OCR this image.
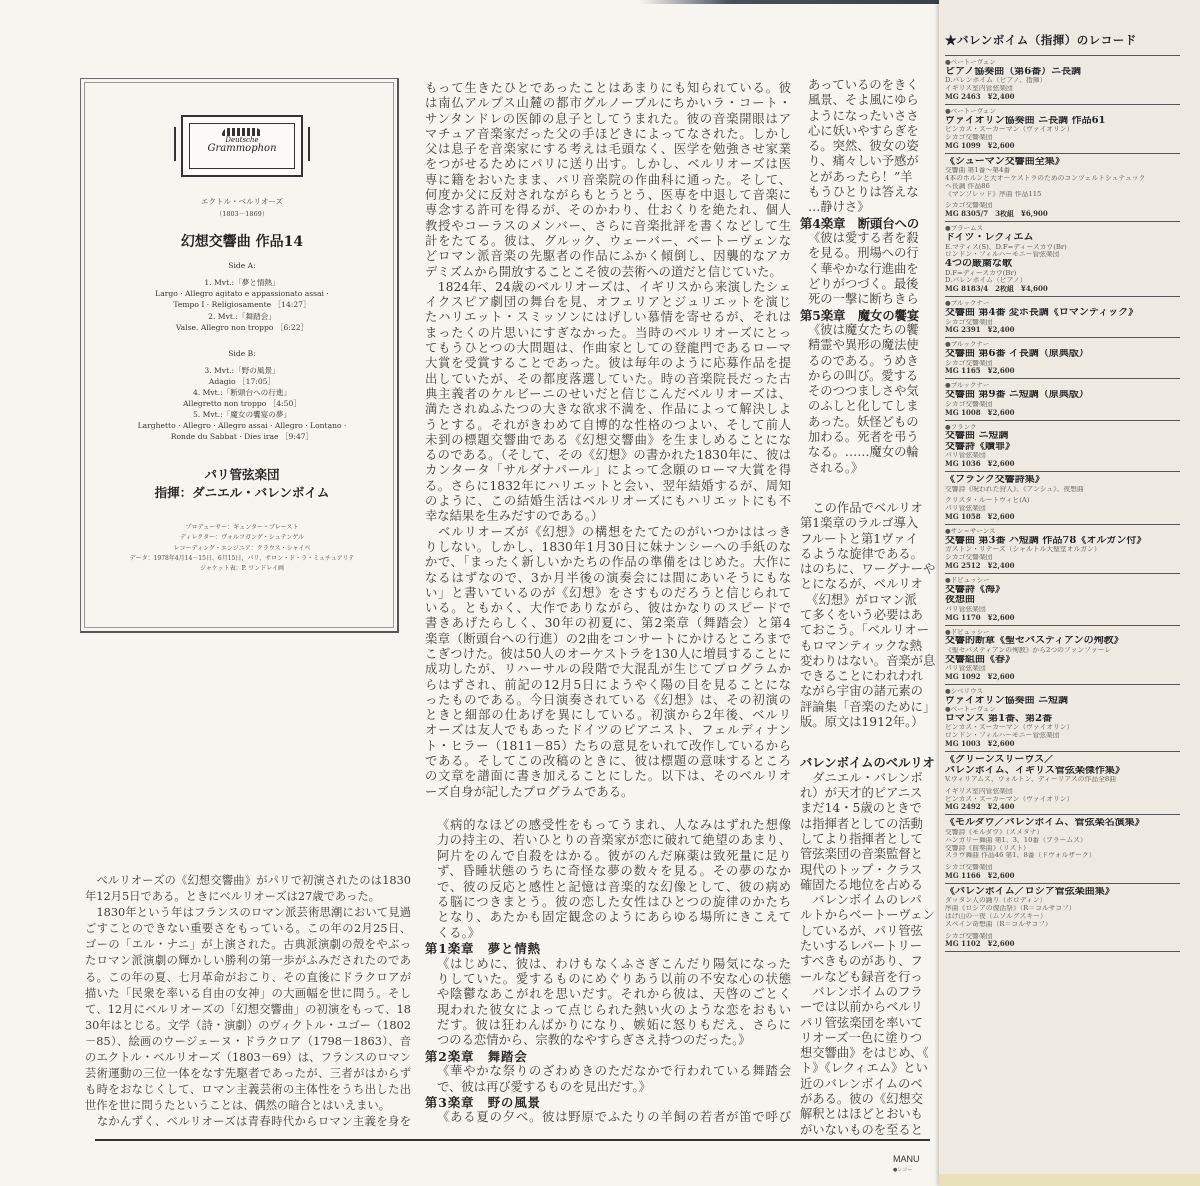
Deutsche
Grammophon
エクトル・ベルリオーズ
（1803－1869）
幻想交響曲 作品14
Side A:
1. Mvt.:「夢と情熱」
Largo · Allegro agitato e appassionato assai ·
Tempo I · Religiosamente ［14:27］
2. Mvt.:「舞踏会」
Valse. Allegro non troppo ［6:22］
Side B:
3. Mvt.:「野の風景」
Adagio ［17:05］
4. Mvt.:「断頭台への行進」
Allegretto non troppo ［4:50］
5. Mvt.:「魔女の饗宴の夢」
Larghetto · Allegro · Allegro assai · Allegro · Lontano ·
Ronde du Sabbat · Dies irae ［9:47］
パリ管弦楽団
指揮：ダニエル・バレンボイム
プロデューサー：ギュンター・ブレースト
ディレクター：ヴォルフガング・シュテンゲル
レコーディング・エンジニア：クラウス・シャイベ
データ：1978年4月14－15日、6月15日、パリ、サロン・ド・ラ・ミュチュアリテ
ジャケット表：P. ワンドレイ画
　ベルリオーズの《幻想交響曲》がパリで初演されたのは1830
年12月5日である。ときにベルリオーズは27歳であった。
　1830年という年はフランスのロマン派芸術思潮において見過
ごすことのできない重要さをもっている。この年の2月25日、
ゴーの「エル・ナニ」が上演された。古典派演劇の殻をやぶっ
たロマン派演劇の輝かしい勝利の第一歩がふみだされたのであ
る。この年の夏、七月革命がおこり、その直後にドラクロアが
描いた「民衆を率いる自由の女神」の大画幅を世に問う。そし
て、12月にベルリオーズの「幻想交響曲」の初演をもって、18
30年はとじる。文学（詩・演劇）のヴィクトル・ユゴー（1802
－85）、絵画のウージェーヌ・ドラクロア（1798－1863）、音
のエクトル・ベルリオーズ（1803－69）は、フランスのロマン
芸術運動の三位一体をなす先駆者であったが、三者がはからず
も時をおなじくして、ロマン主義芸術の主体性をうち出した出
世作を世に問うたということは、偶然の暗合とはいえまい。
　なかんずく、ベルリオーズは青春時代からロマン主義を身を
もって生きたひとであったことはあまりにも知られている。彼
は南仏アルプス山麓の都市グルノーブルにちかいラ・コート・
サンタンドレの医師の息子としてうまれた。彼の音楽開眼はア
マチュア音楽家だった父の手ほどきによってなされた。しかし
父は息子を音楽家にする考えは毛頭なく、医学を勉強させ家業
をつがせるためにパリに送り出す。しかし、ベルリオーズは医
専に籍をおいたまま、パリ音楽院の作曲科に通った。そして、
何度か父に反対されながらもとうとう、医専を中退して音楽に
専念する許可を得るが、そのかわり、仕おくりを絶たれ、個人
教授やコーラスのメンバー、さらに音楽批評を書くなどして生
計をたてる。彼は、グルック、ウェーバー、ベートーヴェンな
どロマン派音楽の先駆者の作品にふかく傾倒し、因襲的なアカ
デミズムから開放することこそ彼の芸術への道だと信じていた。
　1824年、24歳のベルリオーズは、イギリスから来演したシェ
イクスピア劇団の舞台を見、オフェリアとジュリエットを演じ
たハリエット・スミッソンにはげしい慕情を寄せるが、それは
まったくの片思いにすぎなかった。当時のベルリオーズにとっ
てもうひとつの大問題は、作曲家としての登龍門であるローマ
大賞を受賞することであった。彼は毎年のように応募作品を提
出していたが、その都度落選していた。時の音楽院長だった古
典主義者のケルビーニのせいだと信じこんだベルリオーズは、
満たされぬふたつの大きな欲求不満を、作品によって解決しよ
うとする。それがきわめて自博的な性格のつよい、そして前人
未到の標題交響曲である《幻想交響曲》を生ましめることにな
るのである。（そして、その《幻想》の書かれた1830年に、彼は
カンタータ「サルダナパール」によって念願のローマ大賞を得
る。さらに1832年にハリエットと会い、翌年結婚するが、周知
のように、この結婚生活はベルリオーズにもハリエットにも不
幸な結果を生みだすのである。）
　ベルリオーズが《幻想》の構想をたてたのがいつかははっき
りしない。しかし、1830年1月30日に妹ナンシーへの手紙のな
かで、「まったく新しいかたちの作品の準備をはじめた。大作に
なるはずなので、3か月半後の演奏会には間にあいそうにもな
い」と書いているのが《幻想》をさすものだろうと信じられて
いる。ともかく、大作でありながら、彼はかなりのスピードで
書きあげたらしく、30年の初夏に、第2楽章（舞踏会）と第4
楽章（断頭台への行進）の2曲をコンサートにかけるところまで
こぎつけた。彼は50人のオーケストラを130人に増員することに
成功したが、リハーサルの段階で大混乱が生じてプログラムか
らはずされ、前記の12月5日にようやく陽の目を見ることにな
ったものである。今日演奏されている《幻想》は、その初演の
ときと細部の仕あげを異にしている。初演から2年後、ベルリ
オーズは友人でもあったドイツのピアニスト、フェルディナン
ト・ヒラー（1811－85）たちの意見をいれて改作しているから
である。そしてこの改稿のときに、彼は標題の意味するところ
の文章を譜面に書き加えることにした。以下は、そのベルリオ
ーズ自身が記したプログラムである。
《病的なほどの感受性をもってうまれ、人なみはずれた想像
力の持主の、若いひとりの音楽家が恋に破れて絶望のあまり、
阿片をのんで自殺をはかる。彼がのんだ麻薬は致死量に足り
ず、昏睡状態のうちに奇怪な夢の数々を見る。その夢のなか
で、彼の反応と感性と記憶は音楽的な幻像として、彼の病め
る脳につきまとう。彼の恋した女性はひとつの旋律のかたち
となり、あたかも固定観念のようにあらゆる場所にきこえて
くる。》
第1楽章　夢と情熱
《はじめに、彼は、わけもなくふさぎこんだり陽気になった
りしていた。愛するものにめぐりあう以前の不安な心の状態
や陰鬱なあこがれを思いだす。それから彼は、天啓のごとく
現われた彼女によって点じられた熱い火のような恋をおもい
だす。彼は狂わんばかりになり、嫉妬に怒りもだえ、さらに
つのる恋情から、宗教的なやすらぎさえ持つのだった。》
第2楽章　舞踏会
《華やかな祭りのざわめきのただなかで行われている舞踏会
で、彼は再び愛するものを見出だす。》
第3楽章　野の風景
《ある夏の夕べ。彼は野原でふたりの羊飼の若者が笛で呼び
あっているのをきく
風景、そよ風にゆら
ようになったいささ
心に妖いやすらぎを
る。突然、彼女の姿
り、痛々しい予感が
とがあったら！”羊
もうひとりは答えな
…静けさ》
第4楽章　断頭台への
《彼は愛する者を殺
を見る。刑場への行
く華やかな行進曲を
どりがつづく。最後
死の一撃に断ちきら
第5楽章　魔女の饗宴
《彼は魔女たちの饗
精霊や異形の魔法使
るのである。うめき
からの叫び。愛する
そのつつましさや気
のふしと化してしま
あった。妖怪どもの
加わる。死者を弔う
なる。……魔女の輪
される。》
　この作品でベルリオ
第1楽章のラルゴ導入
フルートと第1ヴァイ
るような旋律である。
はのちに、ワーグナーや
とになるが、ベルリオ
　《幻想》がロマン派
て多くをいう必要はあ
ておこう。「ベルリオー
もロマンティックな熱
変わりはない。音楽が息
できることにわれわれ
ながら宇宙の諸元素の
評論集「音楽のために」
版。原文は1912年。）
バレンボイムのベルリオ
　ダニエル・バレンボ
れ）が天才的ピアニス
まだ14・5歳のときで
は指揮者としての活動
してより指揮者として
管弦楽団の音楽監督と
現代のトップ・クラス
確固たる地位を占める
　バレンボイムのレパ
ルトからベートーヴェン
しているが、パリ管弦
たいするレパートリー
すべきものがあり、フ
ールなども録音を行っ
　バレンボイムのフラ
ーでは以前からベルリ
パリ管弦楽団を率いて
リオーズ一色に塗りつ
想交響曲》をはじめ、《
ト》《レクィエム》とい
近のバレンボイムのベ
がある。彼の《幻想交
解釈とはほどとおいも
がいないものを至ると
MANU
●レコー
★バレンボイム（指揮）のレコード
●ベートーヴェン
ピアノ協奏曲（第6番）ニ長調
D.バレンボイム（ピアノ、指揮）
イギリス室内管弦楽団
MG 2463　¥2,400
●ベートーヴェン
ヴァイオリン協奏曲 ニ長調 作品61
ピンカス・ズーカーマン（ヴァイオリン）
シカゴ交響楽団
MG 1099　¥2,600
《シューマン交響曲全集》
交響曲 第1番～第4番
4本のホルンと大オーケストラのためのコンツェルトシュテュック
ヘ長調 作品86
《マンフレッド》序曲 作品115
シカゴ交響楽団
MG 8305/7　3枚組　¥6,900
●ブラームス
ドイツ・レクィエム
E.マティス(S)、D.F=ディースカウ(Br)
ロンドン・フィルハーモニー管弦楽団
4つの厳粛な歌
D.F=ディースカウ(Br)
D.バレンボイム（ピアノ）
MG 8183/4　2枚組　¥4,600
●ブルックナー
交響曲 第4番 変ホ長調《ロマンティック》
シカゴ交響楽団
MG 2391　¥2,400
●ブルックナー
交響曲 第6番 イ長調（原典版）
シカゴ交響楽団
MG 1165　¥2,600
●ブルックナー
交響曲 第9番 ニ短調（原典版）
シカゴ交響楽団
MG 1008　¥2,600
●フランク
交響曲 ニ短調
交響詩《贖罪》
パリ管弦楽団
MG 1036　¥2,600
《フランク交響詩集》
交響詩《呪われた狩人》、《アンシュ》、夜想曲
クリスタ・ルートヴィヒ(A)
パリ管弦楽団
MG 1058　¥2,600
●サン＝サーンス
交響曲 第3番 ハ短調 作品78《オルガン付》
ガストン・リテーズ（シャルトル大聖堂オルガン）
シカゴ交響楽団
MG 2512　¥2,400
●ドビュッシー
交響詩《海》
夜想曲
パリ管弦楽団
MG 1170　¥2,600
●ドビュッシー
交響的断章《聖セバスティアンの殉教》
《聖セバスティアンの殉教》から2つのファンファーレ
交響組曲《春》
パリ管弦楽団
MG 1092　¥2,600
●シベリウス
ヴァイオリン協奏曲 ニ短調
●ベートーヴェン
ロマンス 第1番、第2番
ピンカス・ズーカーマン（ヴァイオリン）
ロンドン・フィルハーモニー管弦楽団
MG 1003　¥2,600
《グリーンスリーヴス／
バレンボイム、イギリス管弦楽傑作集》
V.ウィリアムズ、ウォルトン、ディーリアスの作品全8曲
イギリス室内管弦楽団
ピンカス・ズーカーマン（ヴァイオリン）
MG 2492　¥2,400
《モルダウ／バレンボイム、管弦楽名演集》
交響詩《モルダウ》（スメタナ）
ハンガリー舞曲 第1、3、10番（ブラームス）
交響詩《前奏曲》（リスト）
スラヴ舞曲 作品46 第1、8番（ドヴォルザーク）
シカゴ交響楽団
MG 1166　¥2,600
《バレンボイム／ロシア管弦楽曲集》
ダッタン人の踊り（ボロディン）
序曲《ロシアの復活祭》（R＝コルサコフ）
はげ山の一夜（ムソルグスキー）
スペイン奇想曲（R＝コルサコフ）
シカゴ交響楽団
MG 1102　¥2,600
